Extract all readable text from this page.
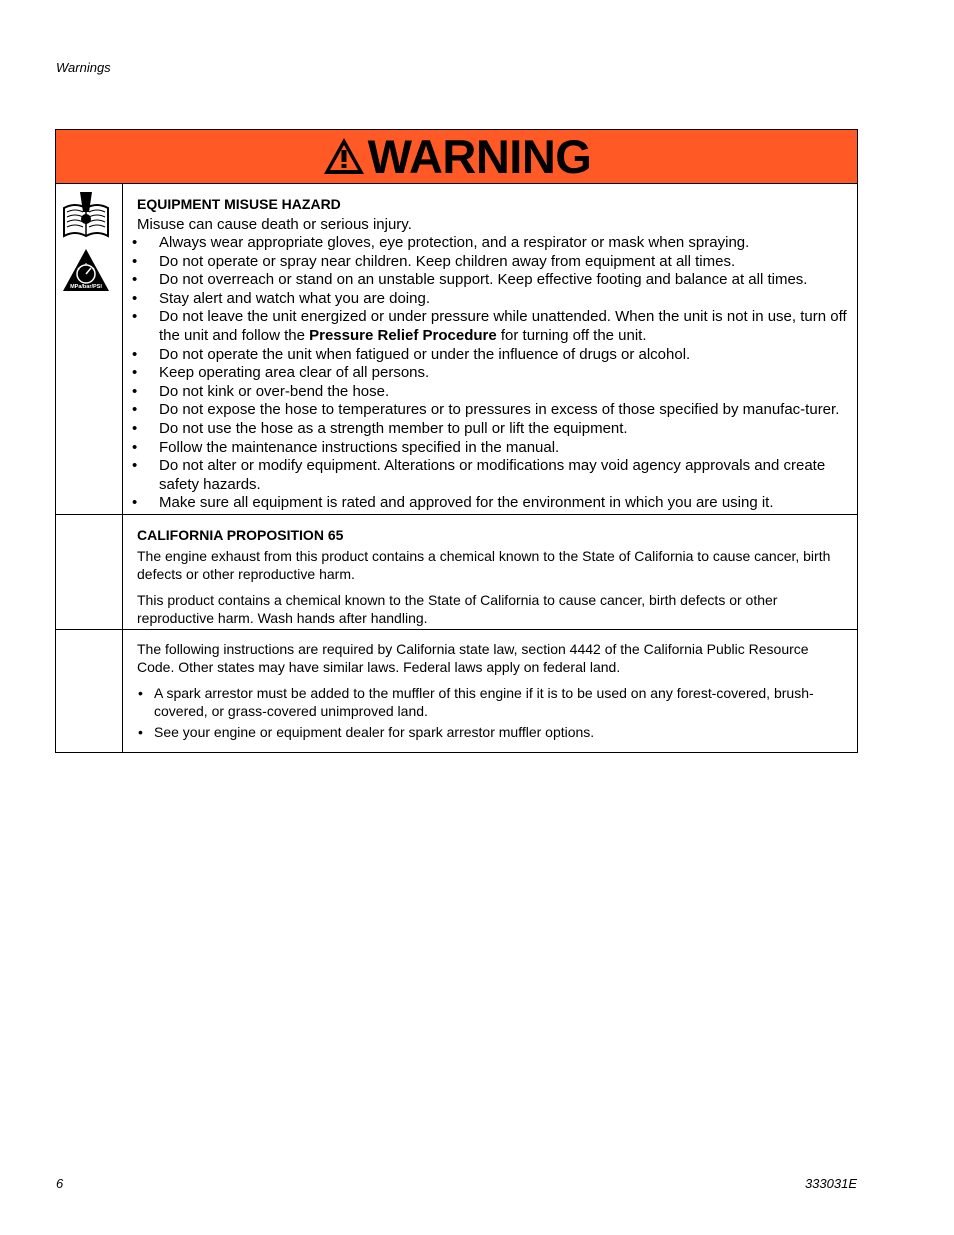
Warnings
WARNING
MPa/bar/PSI
EQUIPMENT MISUSE HAZARD
Misuse can cause death or serious injury.
• Always wear appropriate gloves, eye protection, and a respirator or mask when spraying.
• Do not operate or spray near children. Keep children away from equipment at all times.
• Do not overreach or stand on an unstable support. Keep effective footing and balance at all times.
• Stay alert and watch what you are doing.
• Do not leave the unit energized or under pressure while unattended. When the unit is not in use, turn off the unit and follow the Pressure Relief Procedure for turning off the unit.
• Do not operate the unit when fatigued or under the influence of drugs or alcohol.
• Keep operating area clear of all persons.
• Do not kink or over-bend the hose.
• Do not expose the hose to temperatures or to pressures in excess of those specified by manufac-turer.
• Do not use the hose as a strength member to pull or lift the equipment.
• Follow the maintenance instructions specified in the manual.
• Do not alter or modify equipment. Alterations or modifications may void agency approvals and create safety hazards.
• Make sure all equipment is rated and approved for the environment in which you are using it.
CALIFORNIA PROPOSITION 65

The engine exhaust from this product contains a chemical known to the State of California to cause cancer, birth defects or other reproductive harm.

This product contains a chemical known to the State of California to cause cancer, birth defects or other reproductive harm. Wash hands after handling.

The following instructions are required by California state law, section 4442 of the California Public Resource Code. Other states may have similar laws. Federal laws apply on federal land.

• A spark arrestor must be added to the muffler of this engine if it is to be used on any forest-covered, brush-covered, or grass-covered unimproved land.
• See your engine or equipment dealer for spark arrestor muffler options.
6	333031E
